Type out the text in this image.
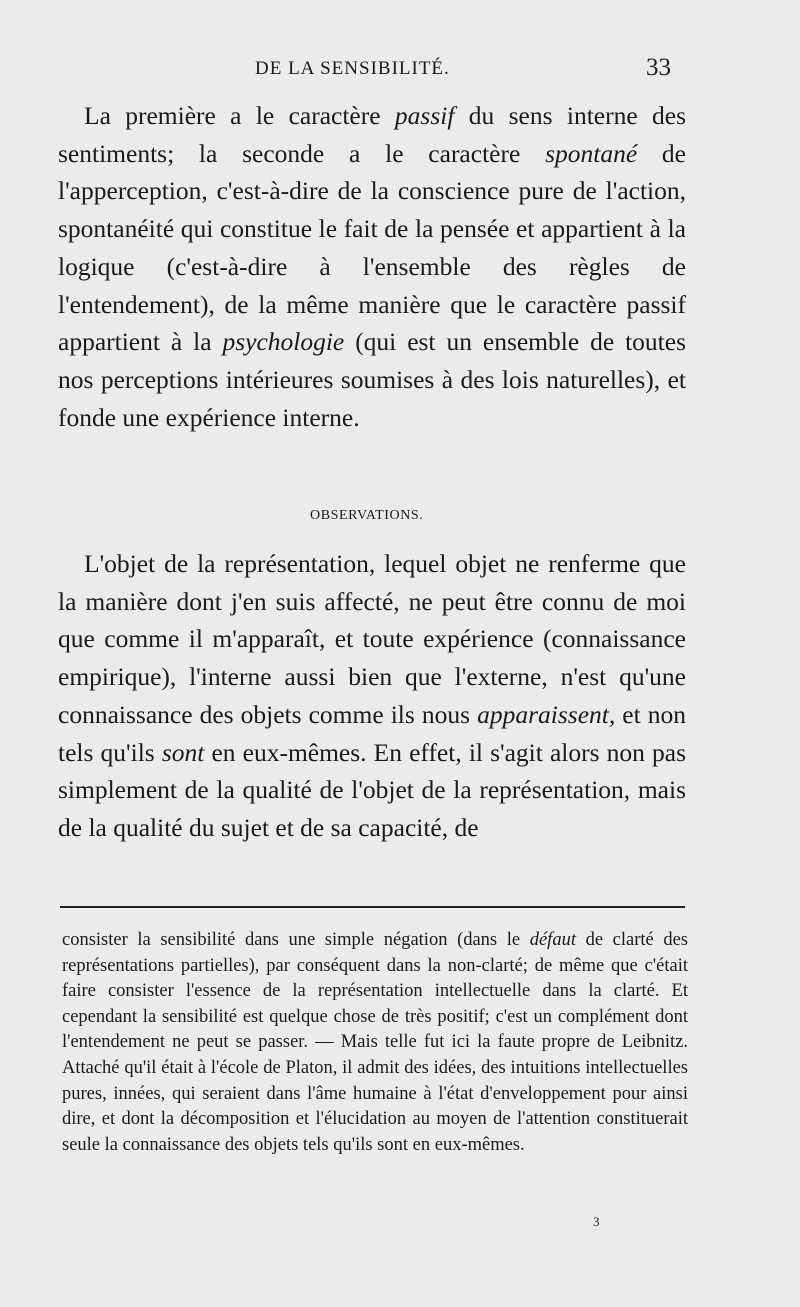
DE LA SENSIBILITÉ.	33

La première a le caractère passif du sens interne des sentiments; la seconde a le caractère spontané de l'apperception, c'est-à-dire de la conscience pure de l'action, spontanéité qui constitue le fait de la pensée et appartient à la logique (c'est-à-dire à l'ensemble des règles de l'entendement), de la même manière que le caractère passif appartient à la psychologie (qui est un ensemble de toutes nos perceptions intérieures soumises à des lois naturelles), et fonde une expérience interne.

OBSERVATIONS.

L'objet de la représentation, lequel objet ne renferme que la manière dont j'en suis affecté, ne peut être connu de moi que comme il m'apparaît, et toute expérience (connaissance empirique), l'interne aussi bien que l'externe, n'est qu'une connaissance des objets comme ils nous apparaissent, et non tels qu'ils sont en eux-mêmes. En effet, il s'agit alors non pas simplement de la qualité de l'objet de la représentation, mais de la qualité du sujet et de sa capacité, de

consister la sensibilité dans une simple négation (dans le défaut de clarté des représentations partielles), par conséquent dans la non-clarté; de même que c'était faire consister l'essence de la représentation intellectuelle dans la clarté. Et cependant la sensibilité est quelque chose de très positif; c'est un complément dont l'entendement ne peut se passer. — Mais telle fut ici la faute propre de Leibnitz. Attaché qu'il était à l'école de Platon, il admit des idées, des intuitions intellectuelles pures, innées, qui seraient dans l'âme humaine à l'état d'enveloppement pour ainsi dire, et dont la décomposition et l'élucidation au moyen de l'attention constituerait seule la connaissance des objets tels qu'ils sont en eux-mêmes.

3
